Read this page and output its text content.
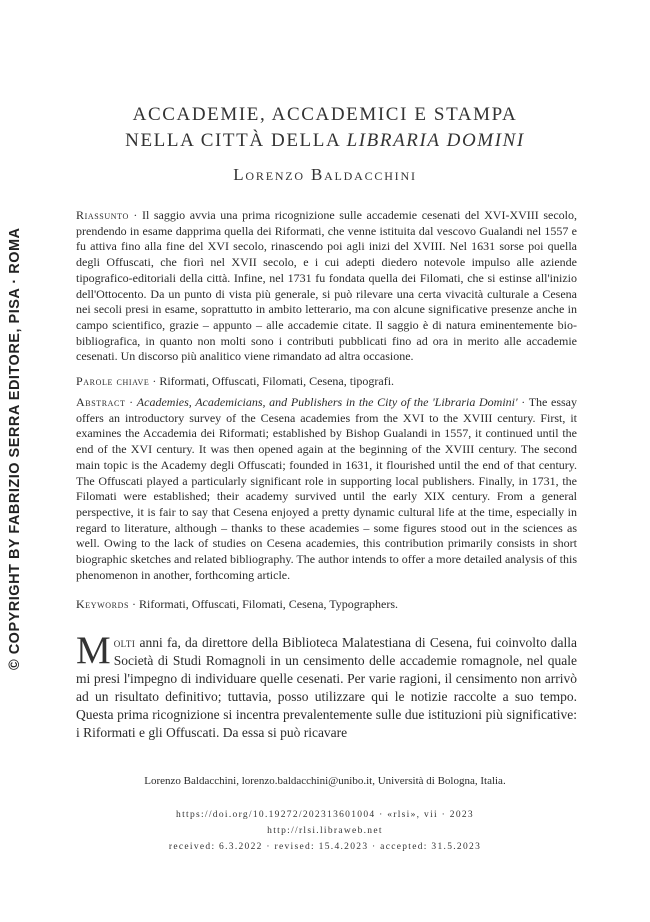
© COPYRIGHT BY FABRIZIO SERRA EDITORE, PISA · ROMA
ACCADEMIE, ACCADEMICI E STAMPA
NELLA CITTÀ DELLA LIBRARIA DOMINI
Lorenzo Baldacchini

Riassunto · Il saggio avvia una prima ricognizione sulle accademie cesenati del XVI-XVIII secolo, prendendo in esame dapprima quella dei Riformati, che venne istituita dal vescovo Gualandi nel 1557 e fu attiva fino alla fine del XVI secolo, rinascendo poi agli inizi del XVIII. Nel 1631 sorse poi quella degli Offuscati, che fiorì nel XVII secolo, e i cui adepti diedero notevole impulso alle aziende tipografico-editoriali della città. Infine, nel 1731 fu fondata quella dei Filomati, che si estinse all'inizio dell'Ottocento. Da un punto di vista più generale, si può rilevare una certa vivacità culturale a Cesena nei secoli presi in esame, soprattutto in ambito letterario, ma con alcune significative presenze anche in campo scientifico, grazie – appunto – alle accademie citate. Il saggio è di natura eminentemente bio-bibliografica, in quanto non molti sono i contributi pubblicati fino ad ora in merito alle accademie cesenati. Un discorso più analitico viene rimandato ad altra occasione.

Parole chiave · Riformati, Offuscati, Filomati, Cesena, tipografi.

Abstract · Academies, Academicians, and Publishers in the City of the 'Libraria Domini' · The essay offers an introductory survey of the Cesena academies from the XVI to the XVIII century. First, it examines the Accademia dei Riformati; established by Bishop Gualandi in 1557, it continued until the end of the XVI century. It was then opened again at the beginning of the XVIII century. The second main topic is the Academy degli Offuscati; founded in 1631, it flourished until the end of that century. The Offuscati played a particularly significant role in supporting local publishers. Finally, in 1731, the Filomati were established; their academy survived until the early XIX century. From a general perspective, it is fair to say that Cesena enjoyed a pretty dynamic cultural life at the time, especially in regard to literature, although – thanks to these academies – some figures stood out in the sciences as well. Owing to the lack of studies on Cesena academies, this contribution primarily consists in short biographic sketches and related bibliography. The author intends to offer a more detailed analysis of this phenomenon in another, forthcoming article.

Keywords · Riformati, Offuscati, Filomati, Cesena, Typographers.

Molti anni fa, da direttore della Biblioteca Malatestiana di Cesena, fui coinvolto dalla Società di Studi Romagnoli in un censimento delle accademie romagnole, nel quale mi presi l'impegno di individuare quelle cesenati. Per varie ragioni, il censimento non arrivò ad un risultato definitivo; tuttavia, posso utilizzare qui le notizie raccolte a suo tempo. Questa prima ricognizione si incentra prevalentemente sulle due istituzioni più significative: i Riformati e gli Offuscati. Da essa si può ricavare

Lorenzo Baldacchini, lorenzo.baldacchini@unibo.it, Università di Bologna, Italia.

https://doi.org/10.19272/202313601004 · «rlsi», vii · 2023

http://rlsi.libraweb.net

received: 6.3.2022 · revised: 15.4.2023 · accepted: 31.5.2023
